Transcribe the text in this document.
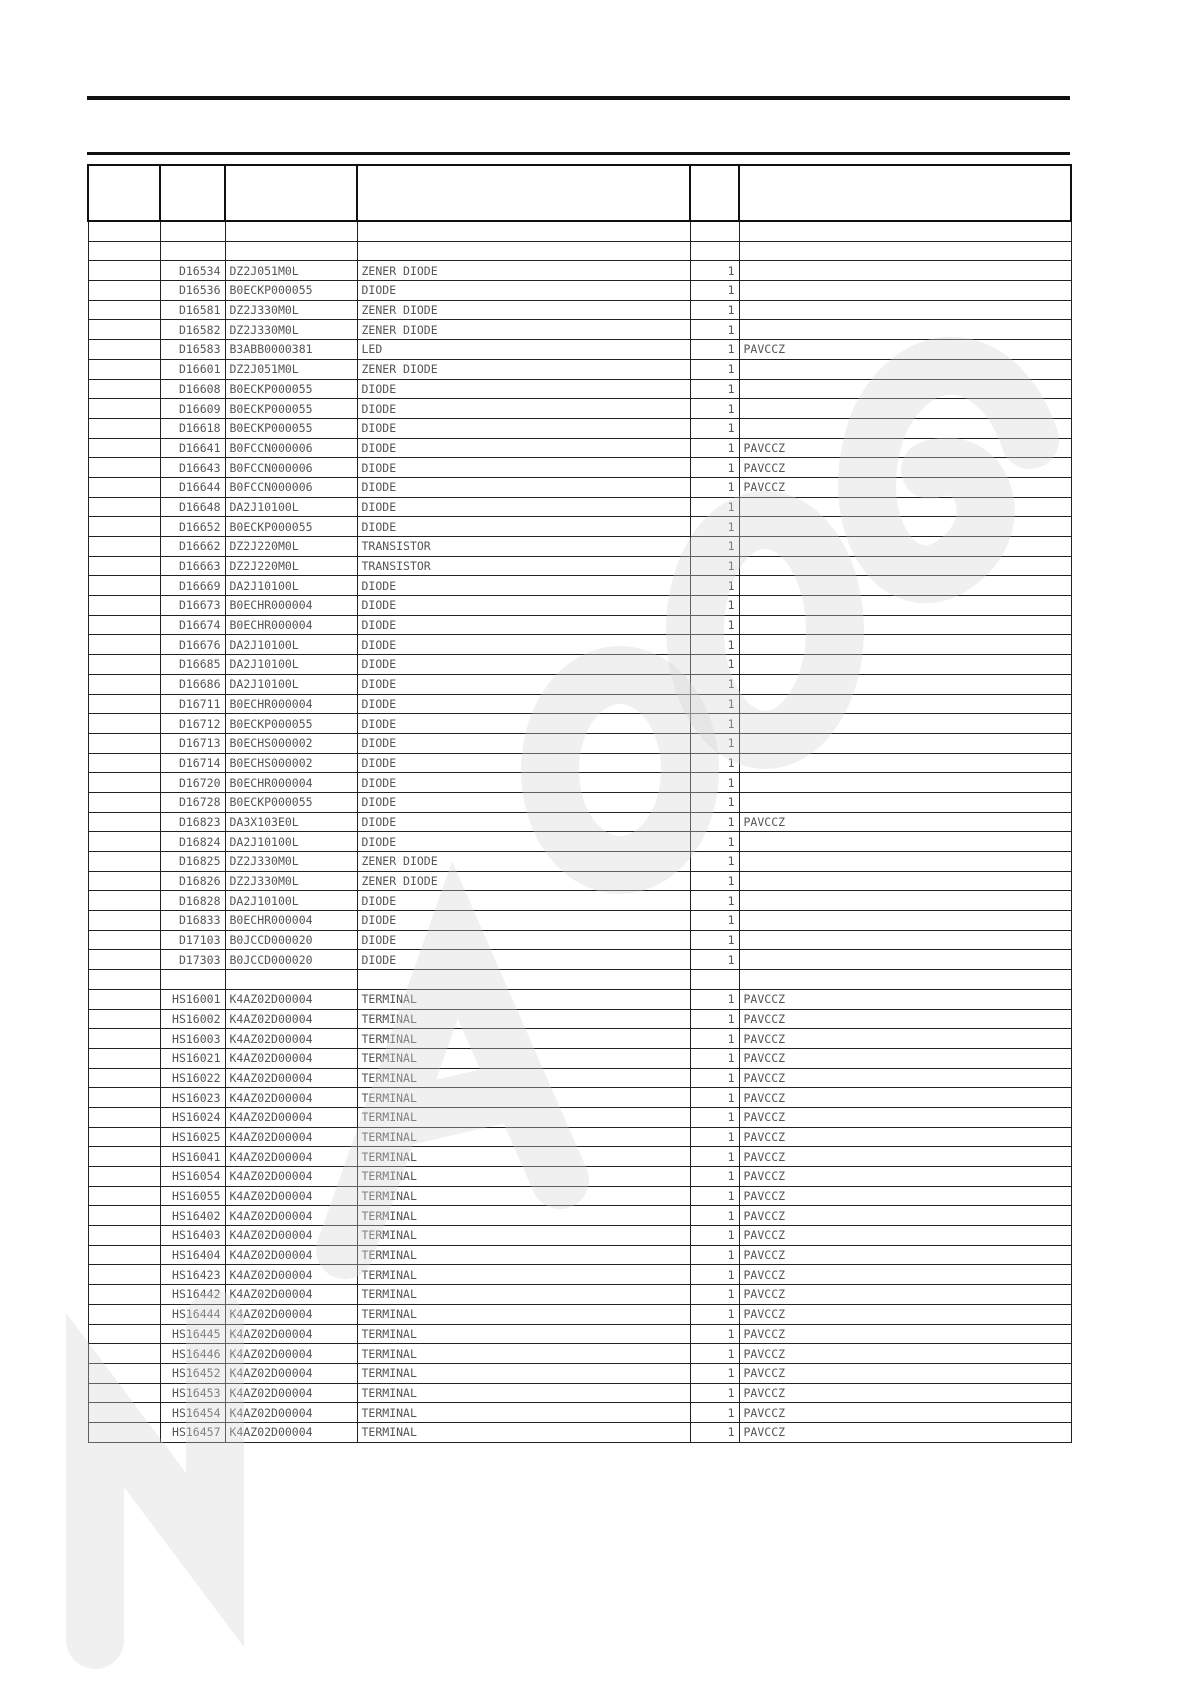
	D16534	DZ2J051M0L	ZENER DIODE	1	
	D16536	B0ECKP000055	DIODE	1	
	D16581	DZ2J330M0L	ZENER DIODE	1	
	D16582	DZ2J330M0L	ZENER DIODE	1	
	D16583	B3ABB0000381	LED	1	PAVCCZ
	D16601	DZ2J051M0L	ZENER DIODE	1	
	D16608	B0ECKP000055	DIODE	1	
	D16609	B0ECKP000055	DIODE	1	
	D16618	B0ECKP000055	DIODE	1	
	D16641	B0FCCN000006	DIODE	1	PAVCCZ
	D16643	B0FCCN000006	DIODE	1	PAVCCZ
	D16644	B0FCCN000006	DIODE	1	PAVCCZ
	D16648	DA2J10100L	DIODE	1	
	D16652	B0ECKP000055	DIODE	1	
	D16662	DZ2J220M0L	TRANSISTOR	1	
	D16663	DZ2J220M0L	TRANSISTOR	1	
	D16669	DA2J10100L	DIODE	1	
	D16673	B0ECHR000004	DIODE	1	
	D16674	B0ECHR000004	DIODE	1	
	D16676	DA2J10100L	DIODE	1	
	D16685	DA2J10100L	DIODE	1	
	D16686	DA2J10100L	DIODE	1	
	D16711	B0ECHR000004	DIODE	1	
	D16712	B0ECKP000055	DIODE	1	
	D16713	B0ECHS000002	DIODE	1	
	D16714	B0ECHS000002	DIODE	1	
	D16720	B0ECHR000004	DIODE	1	
	D16728	B0ECKP000055	DIODE	1	
	D16823	DA3X103E0L	DIODE	1	PAVCCZ
	D16824	DA2J10100L	DIODE	1	
	D16825	DZ2J330M0L	ZENER DIODE	1	
	D16826	DZ2J330M0L	ZENER DIODE	1	
	D16828	DA2J10100L	DIODE	1	
	D16833	B0ECHR000004	DIODE	1	
	D17103	B0JCCD000020	DIODE	1	
	D17303	B0JCCD000020	DIODE	1	

	HS16001	K4AZ02D00004	TERMINAL	1	PAVCCZ
	HS16002	K4AZ02D00004	TERMINAL	1	PAVCCZ
	HS16003	K4AZ02D00004	TERMINAL	1	PAVCCZ
	HS16021	K4AZ02D00004	TERMINAL	1	PAVCCZ
	HS16022	K4AZ02D00004	TERMINAL	1	PAVCCZ
	HS16023	K4AZ02D00004	TERMINAL	1	PAVCCZ
	HS16024	K4AZ02D00004	TERMINAL	1	PAVCCZ
	HS16025	K4AZ02D00004	TERMINAL	1	PAVCCZ
	HS16041	K4AZ02D00004	TERMINAL	1	PAVCCZ
	HS16054	K4AZ02D00004	TERMINAL	1	PAVCCZ
	HS16055	K4AZ02D00004	TERMINAL	1	PAVCCZ
	HS16402	K4AZ02D00004	TERMINAL	1	PAVCCZ
	HS16403	K4AZ02D00004	TERMINAL	1	PAVCCZ
	HS16404	K4AZ02D00004	TERMINAL	1	PAVCCZ
	HS16423	K4AZ02D00004	TERMINAL	1	PAVCCZ
	HS16442	K4AZ02D00004	TERMINAL	1	PAVCCZ
	HS16444	K4AZ02D00004	TERMINAL	1	PAVCCZ
	HS16445	K4AZ02D00004	TERMINAL	1	PAVCCZ
	HS16446	K4AZ02D00004	TERMINAL	1	PAVCCZ
	HS16452	K4AZ02D00004	TERMINAL	1	PAVCCZ
	HS16453	K4AZ02D00004	TERMINAL	1	PAVCCZ
	HS16454	K4AZ02D00004	TERMINAL	1	PAVCCZ
	HS16457	K4AZ02D00004	TERMINAL	1	PAVCCZ
